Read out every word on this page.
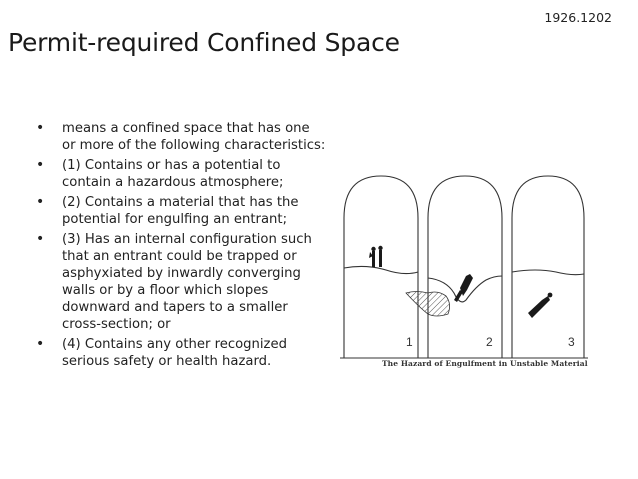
1926.1202
Permit-required Confined Space
• means a confined space that has one or more of the following characteristics:
• (1) Contains or has a potential to contain a hazardous atmosphere;
• (2) Contains a material that has the potential for engulfing an entrant;
• (3) Has an internal configuration such that an entrant could be trapped or asphyxiated by inwardly converging walls or by a floor which slopes downward and tapers to a smaller cross-section; or
• (4) Contains any other recognized serious safety or health hazard.
1	2	3
The Hazard of Engulfment in Unstable Material
